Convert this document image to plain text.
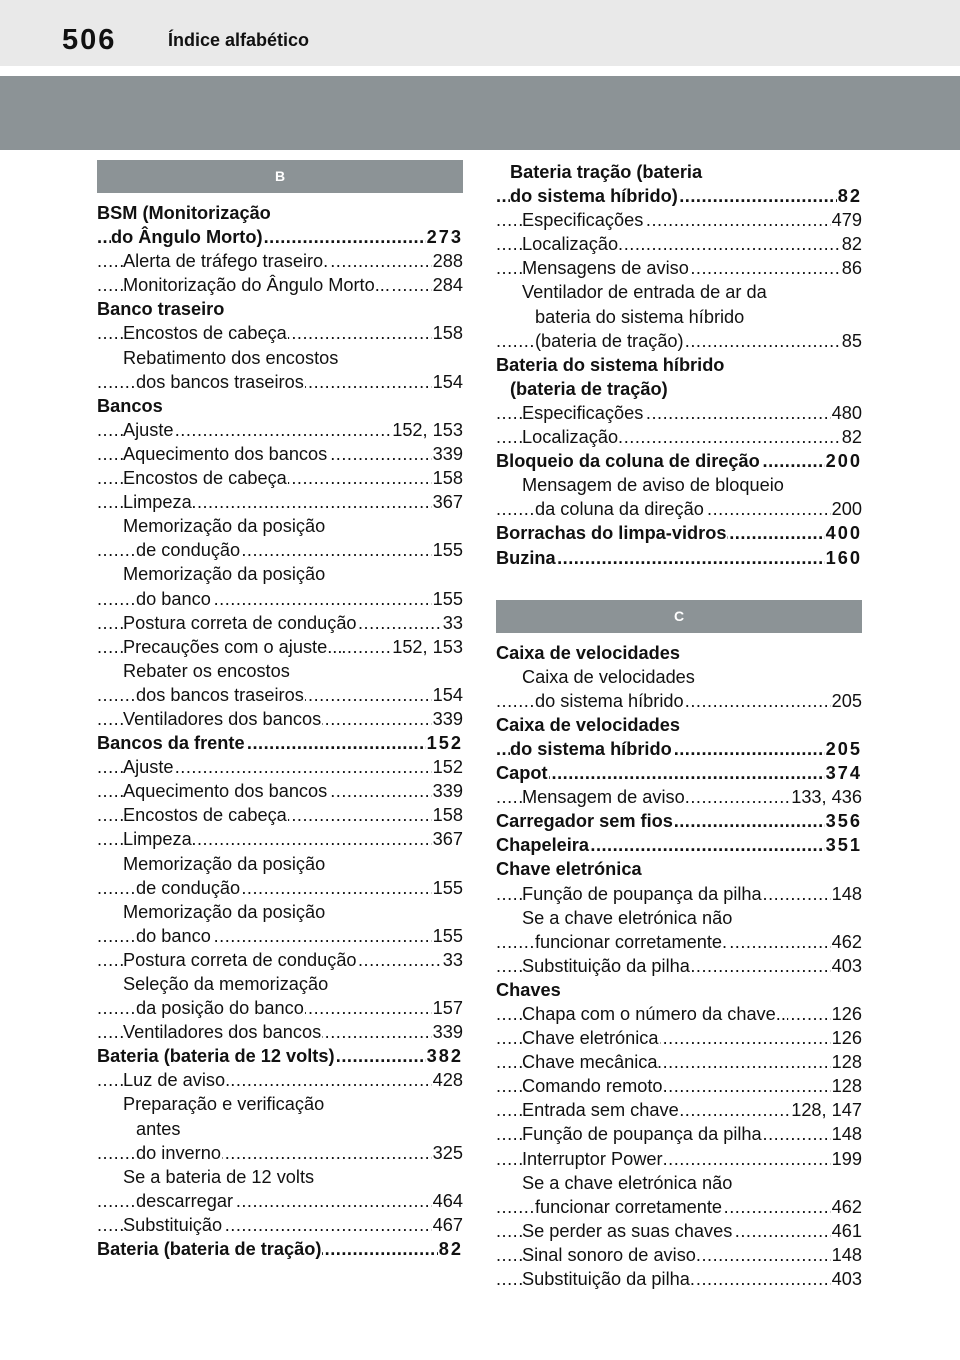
506	Índice alfabético
B
BSM (Monitorização
..... do Ângulo Morto)	273
..... Alerta de tráfego traseiro.	288
..... Monitorização do Ângulo Morto... 284
Banco traseiro
..... Encostos de cabeça	158
Rebatimento dos encostos
..... dos bancos traseiros	154
Bancos
..... Ajuste	152, 153
..... Aquecimento dos bancos	339
..... Encostos de cabeça	158
..... Limpeza	367
Memorização da posição
..... de condução	155
Memorização da posição
..... do banco	155
..... Postura correta de condução	33
..... Precauções com o ajuste...	152, 153
Rebater os encostos
..... dos bancos traseiros	154
..... Ventiladores dos bancos	339
..... Bancos da frente	152
..... Ajuste	152
..... Aquecimento dos bancos	339
..... Encostos de cabeça	158
..... Limpeza	367
Memorização da posição
..... de condução	155
Memorização da posição
..... do banco	155
..... Postura correta de condução	33
Seleção da memorização
..... da posição do banco	157
..... Ventiladores dos bancos	339
..... Bateria (bateria de 12 volts)	382
..... Luz de aviso.	428
Preparação e verificação
antes
..... do inverno	325
Se a bateria de 12 volts
..... descarregar	464
..... Substituição	467
..... Bateria (bateria de tração)	82
Bateria tração (bateria
..... do sistema híbrido)	82
..... Especificações	479
..... Localização.	82
..... Mensagens de aviso	86
Ventilador de entrada de ar da
bateria do sistema híbrido
..... (bateria de tração)	85
Bateria do sistema híbrido
(bateria de tração)
..... Especificações	480
..... Localização.	82
..... Bloqueio da coluna de direção	200
Mensagem de aviso de bloqueio
..... da coluna da direção	200
..... Borrachas do limpa-vidros	400
..... Buzina	160
C
Caixa de velocidades
Caixa de velocidades
..... do sistema híbrido	205
Caixa de velocidades
..... do sistema híbrido	205
..... Capot	374
..... Mensagem de aviso	133, 436
..... Carregador sem fios	356
..... Chapeleira	351
Chave eletrónica
..... Função de poupança da pilha	148
Se a chave eletrónica não
..... funcionar corretamente.	462
..... Substituição da pilha	403
Chaves
..... Chapa com o número da chave..	126
..... Chave eletrónica	126
..... Chave mecânica	128
..... Comando remoto	128
..... Entrada sem chave	128, 147
..... Função de poupança da pilha	148
..... Interruptor Power	199
Se a chave eletrónica não
..... funcionar corretamente	462
..... Se perder as suas chaves	461
..... Sinal sonoro de aviso	148
..... Substituição da pilha.	403
